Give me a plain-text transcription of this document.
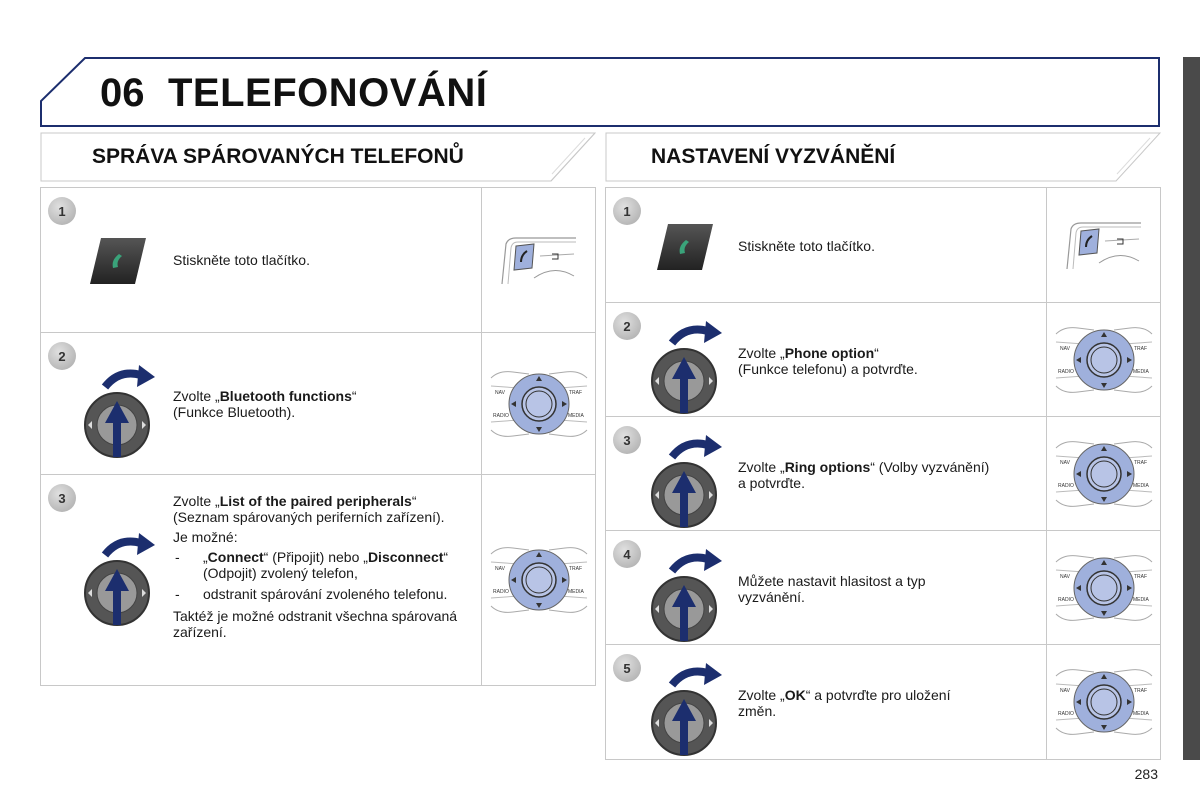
06 TELEFONOVÁNÍ
SPRÁVA SPÁROVANÝCH TELEFONŮ	NASTAVENÍ VYZVÁNĚNÍ
1
Stiskněte toto tlačítko.
2
Zvolte „Bluetooth functions“
(Funkce Bluetooth).
NAV	TRAF
RADIO	MEDIA
3	Zvolte „List of the paired peripherals“
(Seznam spárovaných periferních zařízení).

Je možné:

- „Connect“ (Připojit) nebo „Disconnect“
(Odpojit) zvolený telefon,
- odstranit spárování zvoleného telefonu.

Taktéž je možné odstranit všechna spárovaná zařízení.

NAV	TRAF
RADIO	MEDIA
1
Stiskněte toto tlačítko.
2
Zvolte „Phone option“
(Funkce telefonu) a potvrďte.
NAV	TRAF
RADIO	MEDIA
3
Zvolte „Ring options“ (Volby vyzvánění)
a potvrďte.
NAV	TRAF
RADIO	MEDIA
4
Můžete nastavit hlasitost a typ vyzvánění.
NAV	TRAF
RADIO	MEDIA
5
Zvolte „OK“ a potvrďte pro uložení
změn.
NAV	TRAF
RADIO	MEDIA
283
